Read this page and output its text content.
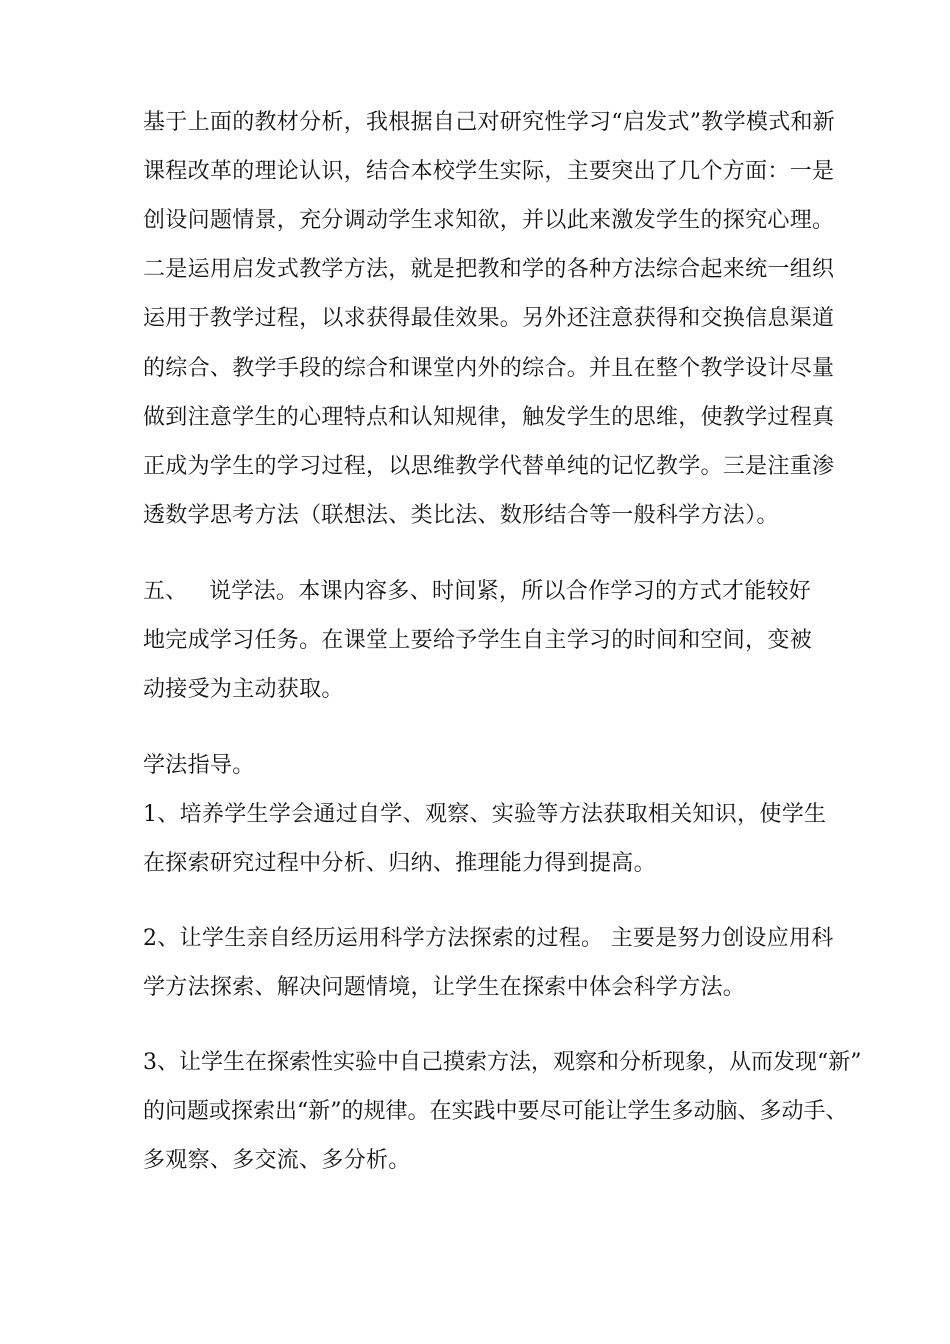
基于上面的教材分析，我根据自己对研究性学习“启发式”教学模式和新
课程改革的理论认识，结合本校学生实际，主要突出了几个方面：一是
创设问题情景，充分调动学生求知欲，并以此来激发学生的探究心理。
二是运用启发式教学方法，就是把教和学的各种方法综合起来统一组织
运用于教学过程，以求获得最佳效果。另外还注意获得和交换信息渠道
的综合、教学手段的综合和课堂内外的综合。并且在整个教学设计尽量
做到注意学生的心理特点和认知规律，触发学生的思维，使教学过程真
正成为学生的学习过程，以思维教学代替单纯的记忆教学。三是注重渗
透数学思考方法（联想法、类比法、数形结合等一般科学方法）。
五、 说学法。本课内容多、时间紧，所以合作学习的方式才能较好
地完成学习任务。在课堂上要给予学生自主学习的时间和空间，变被
动接受为主动获取。
学法指导。
1、培养学生学会通过自学、观察、实验等方法获取相关知识，使学生
在探索研究过程中分析、归纳、推理能力得到提高。
2、让学生亲自经历运用科学方法探索的过程。 主要是努力创设应用科
学方法探索、解决问题情境，让学生在探索中体会科学方法。
3、让学生在探索性实验中自己摸索方法，观察和分析现象，从而发现“新”
的问题或探索出“新”的规律。在实践中要尽可能让学生多动脑、多动手、
多观察、多交流、多分析。
